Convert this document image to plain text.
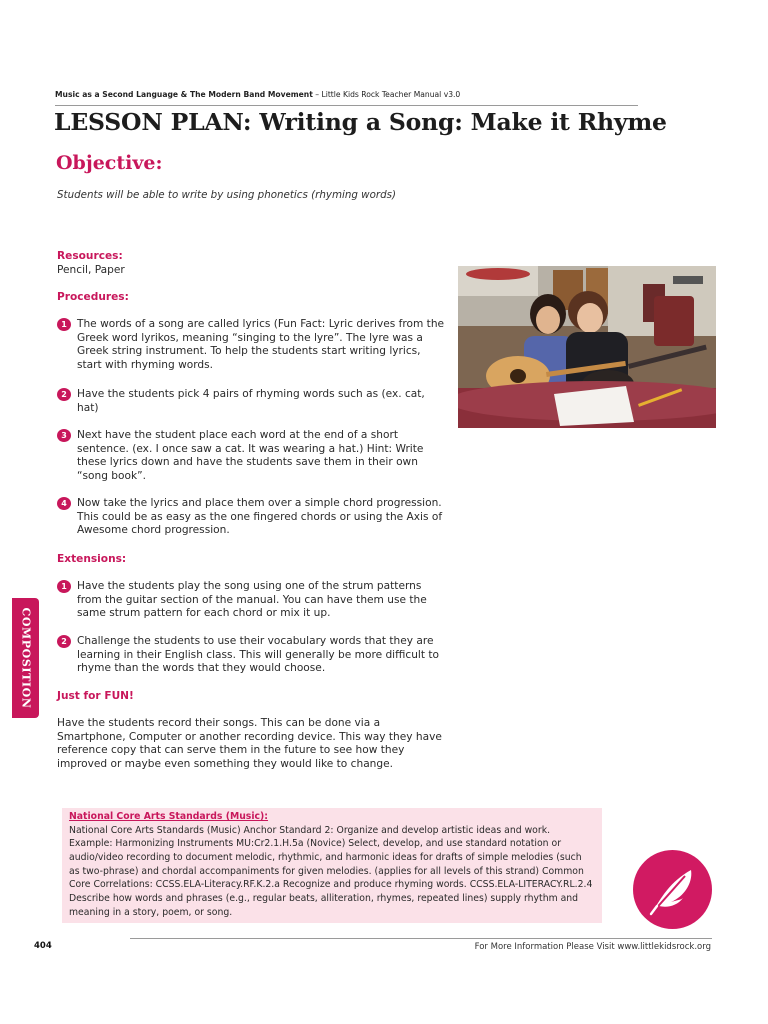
Music as a Second Language & The Modern Band Movement – Little Kids Rock Teacher Manual v3.0
LESSON PLAN: Writing a Song: Make it Rhyme
Objective:
Students will be able to write by using phonetics (rhyming words)
Resources:
Pencil, Paper
Procedures:
1 The words of a song are called lyrics (Fun Fact: Lyric derives from the Greek word lyrikos, meaning “singing to the lyre”. The lyre was a Greek string instrument. To help the students start writing lyrics, start with rhyming words.
2 Have the students pick 4 pairs of rhyming words such as (ex. cat, hat)
3 Next have the student place each word at the end of a short sentence. (ex. I once saw a cat. It was wearing a hat.) Hint: Write these lyrics down and have the students save them in their own “song book”.
4 Now take the lyrics and place them over a simple chord progression. This could be as easy as the one fingered chords or using the Axis of Awesome chord progression.
Extensions:
1 Have the students play the song using one of the strum patterns from the guitar section of the manual. You can have them use the same strum pattern for each chord or mix it up.
2 Challenge the students to use their vocabulary words that they are learning in their English class. This will generally be more difficult to rhyme than the words that they would choose.
Just for FUN!
Have the students record their songs. This can be done via a Smartphone, Computer or another recording device. This way they have reference copy that can serve them in the future to see how they improved or maybe even something they would like to change.
COMPOSITION
National Core Arts Standards (Music):
National Core Arts Standards (Music) Anchor Standard 2: Organize and develop artistic ideas and work. Example: Harmonizing Instruments MU:Cr2.1.H.5a (Novice) Select, develop, and use standard notation or audio/video recording to document melodic, rhythmic, and harmonic ideas for drafts of simple melodies (such as two-phrase) and chordal accompaniments for given melodies. (applies for all levels of this strand) Common Core Correlations: CCSS.ELA-Literacy.RF.K.2.a Recognize and produce rhyming words. CCSS.ELA-LITERACY.RL.2.4 Describe how words and phrases (e.g., regular beats, alliteration, rhymes, repeated lines) supply rhythm and meaning in a story, poem, or song.
404	For More Information Please Visit www.littlekidsrock.org
